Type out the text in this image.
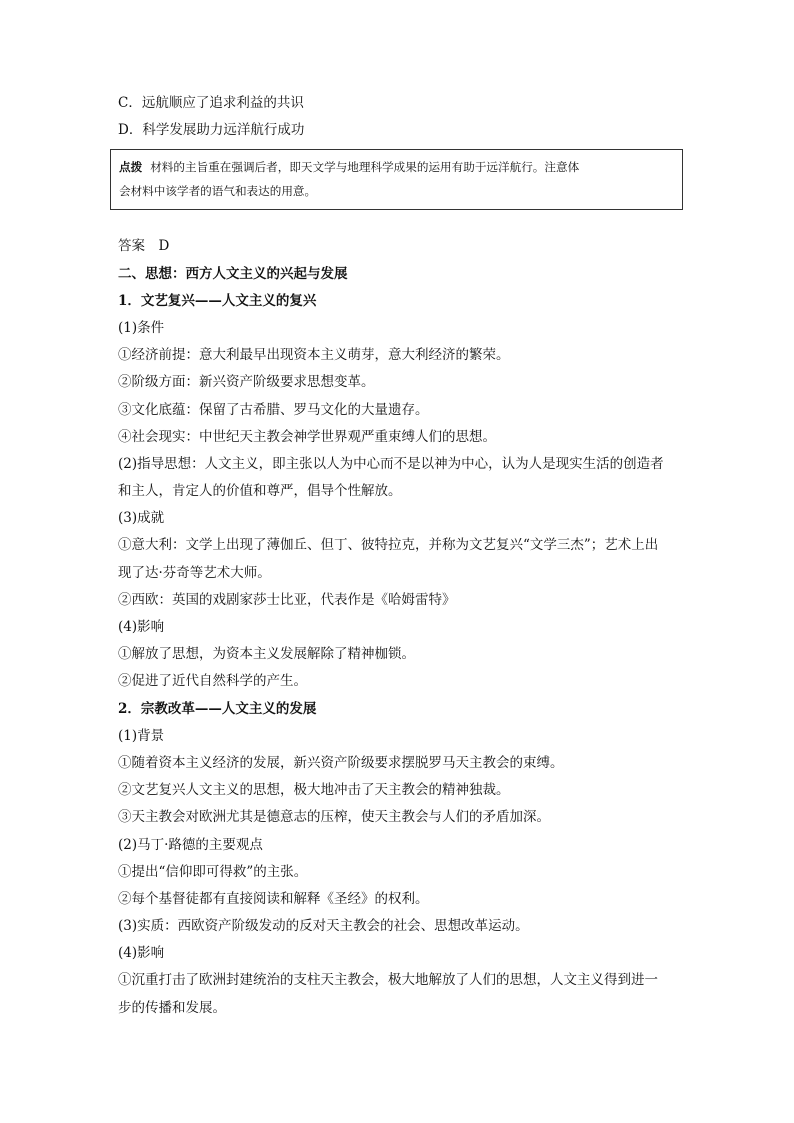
C．远航顺应了追求利益的共识
D．科学发展助力远洋航行成功
点拨 材料的主旨重在强调后者，即天文学与地理科学成果的运用有助于远洋航行。注意体
会材料中该学者的语气和表达的用意。
答案　D
二、思想：西方人文主义的兴起与发展
1．文艺复兴——人文主义的复兴
(1)条件
①经济前提：意大利最早出现资本主义萌芽，意大利经济的繁荣。
②阶级方面：新兴资产阶级要求思想变革。
③文化底蕴：保留了古希腊、罗马文化的大量遗存。
④社会现实：中世纪天主教会神学世界观严重束缚人们的思想。
(2)指导思想：人文主义，即主张以人为中心而不是以神为中心，认为人是现实生活的创造者
和主人，肯定人的价值和尊严，倡导个性解放。
(3)成就
①意大利：文学上出现了薄伽丘、但丁、彼特拉克，并称为文艺复兴“文学三杰”；艺术上出
现了达·芬奇等艺术大师。
②西欧：英国的戏剧家莎士比亚，代表作是《哈姆雷特》
(4)影响
①解放了思想，为资本主义发展解除了精神枷锁。
②促进了近代自然科学的产生。
2．宗教改革——人文主义的发展
(1)背景
①随着资本主义经济的发展，新兴资产阶级要求摆脱罗马天主教会的束缚。
②文艺复兴人文主义的思想，极大地冲击了天主教会的精神独裁。
③天主教会对欧洲尤其是德意志的压榨，使天主教会与人们的矛盾加深。
(2)马丁·路德的主要观点
①提出“信仰即可得救”的主张。
②每个基督徒都有直接阅读和解释《圣经》的权利。
(3)实质：西欧资产阶级发动的反对天主教会的社会、思想改革运动。
(4)影响
①沉重打击了欧洲封建统治的支柱天主教会，极大地解放了人们的思想，人文主义得到进一
步的传播和发展。
